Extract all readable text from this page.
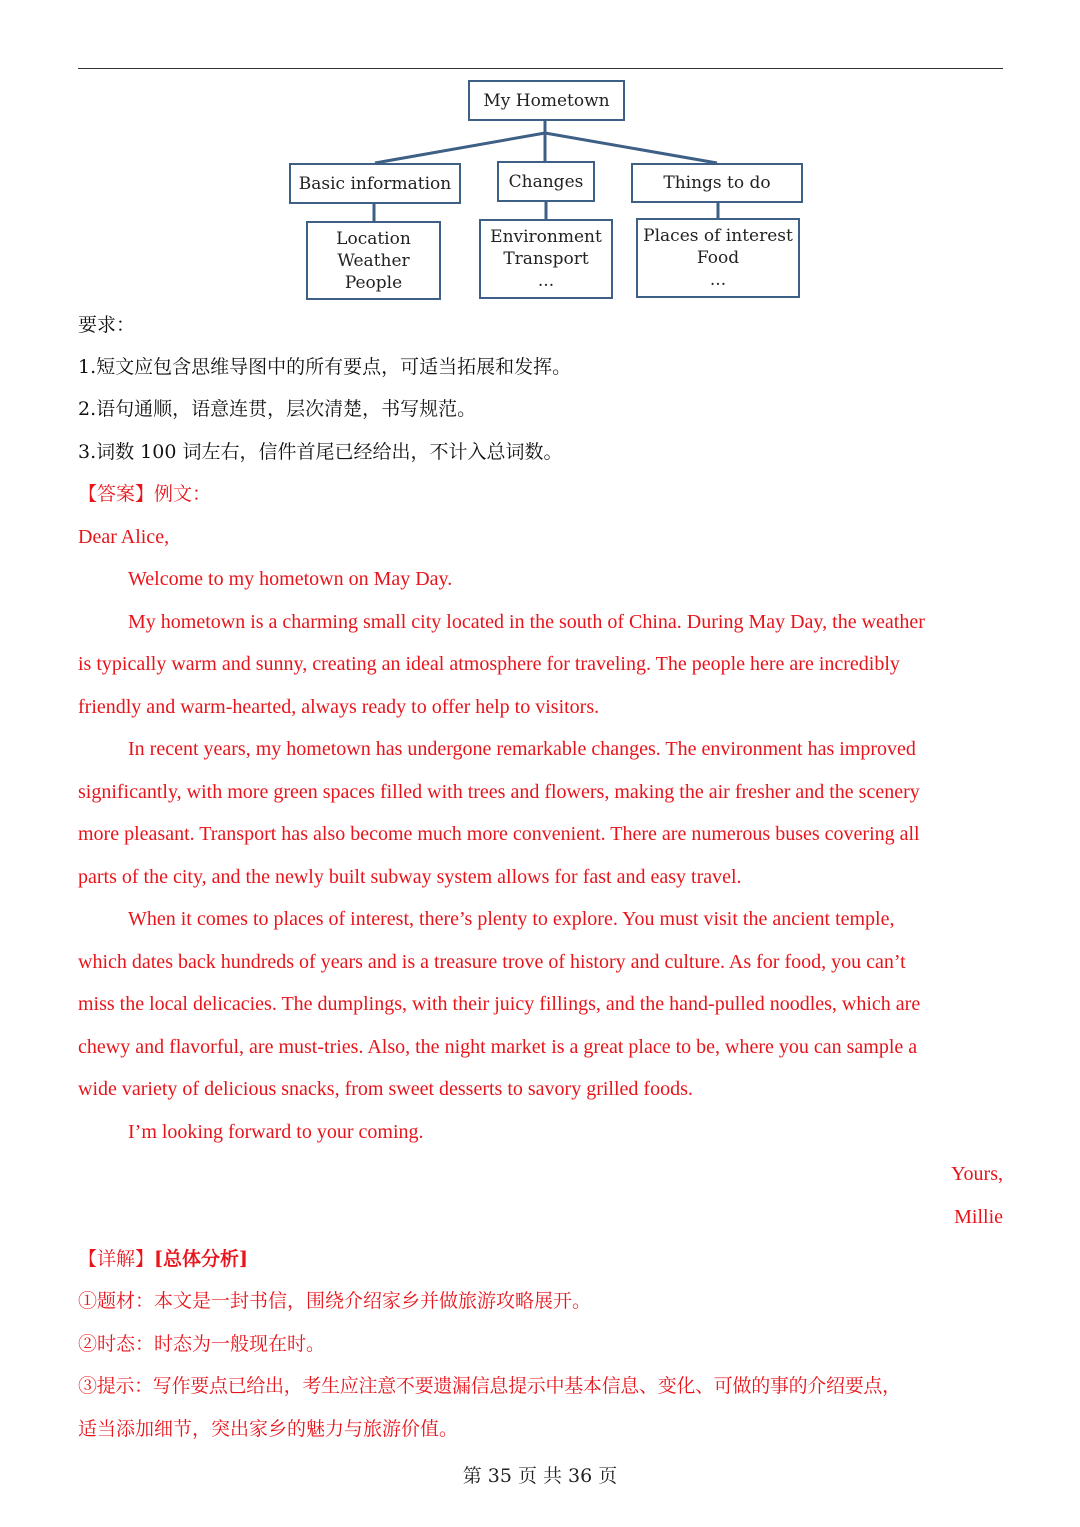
My Hometown
Basic information	Changes	Things to do
Location
Weather
People
Environment
Transport
...
Places of interest
Food
...
要求：
1.短文应包含思维导图中的所有要点，可适当拓展和发挥。
2.语句通顺，语意连贯，层次清楚，书写规范。
3.词数 100 词左右，信件首尾已经给出，不计入总词数。
【答案】例文：
Dear Alice,
Welcome to my hometown on May Day.
My hometown is a charming small city located in the south of China. During May Day, the weather
is typically warm and sunny, creating an ideal atmosphere for traveling. The people here are incredibly
friendly and warm-hearted, always ready to offer help to visitors.
In recent years, my hometown has undergone remarkable changes. The environment has improved
significantly, with more green spaces filled with trees and flowers, making the air fresher and the scenery
more pleasant. Transport has also become much more convenient. There are numerous buses covering all
parts of the city, and the newly built subway system allows for fast and easy travel.
When it comes to places of interest, there’s plenty to explore. You must visit the ancient temple,
which dates back hundreds of years and is a treasure trove of history and culture. As for food, you can’t
miss the local delicacies. The dumplings, with their juicy fillings, and the hand-pulled noodles, which are
chewy and flavorful, are must-tries. Also, the night market is a great place to be, where you can sample a
wide variety of delicious snacks, from sweet desserts to savory grilled foods.
I’m looking forward to your coming.
Yours,
Millie
【详解】[总体分析]
①题材：本文是一封书信，围绕介绍家乡并做旅游攻略展开。
②时态：时态为一般现在时。
③提示：写作要点已给出，考生应注意不要遗漏信息提示中基本信息、变化、可做的事的介绍要点，
适当添加细节，突出家乡的魅力与旅游价值。
第 35 页 共 36 页
